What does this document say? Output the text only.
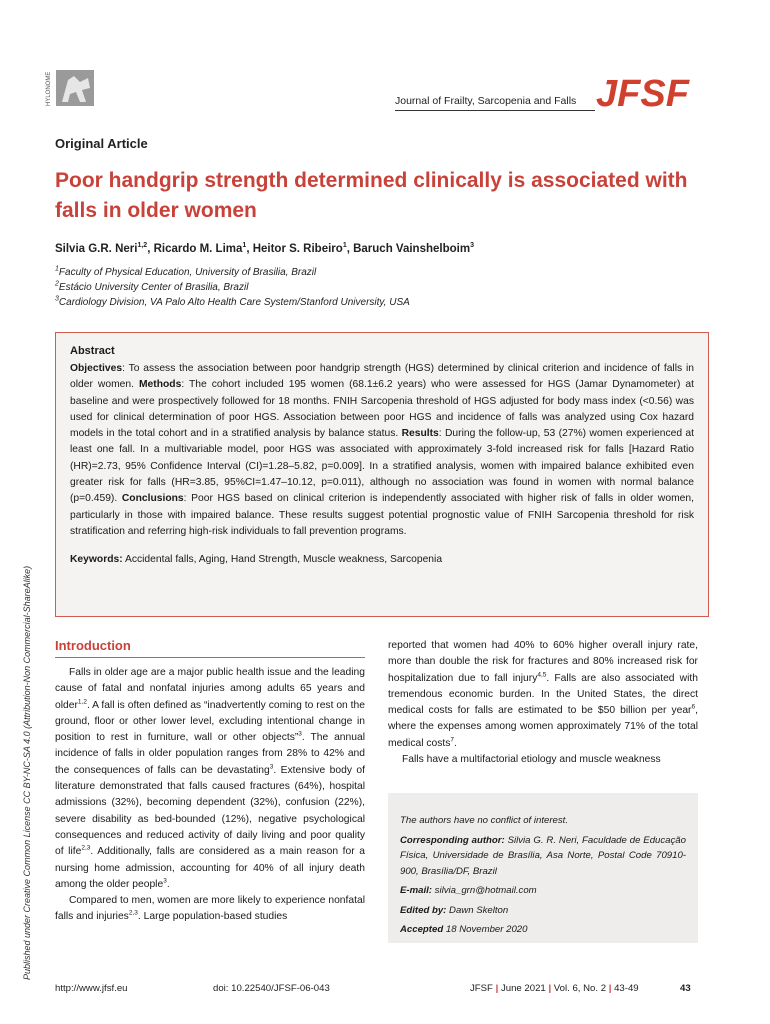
HYLONOME	Journal of Frailty, Sarcopenia and Falls JFSF
Original Article
Poor handgrip strength determined clinically is associated with falls in older women
Silvia G.R. Neri$^{1,2}$, Ricardo M. Lima$^1$, Heitor S. Ribeiro$^1$, Baruch Vainshelboim$^3$
$^1$Faculty of Physical Education, University of Brasilia, Brazil
$^2$Estácio University Center of Brasilia, Brazil
$^3$Cardiology Division, VA Palo Alto Health Care System/Stanford University, USA
Abstract
Objectives: To assess the association between poor handgrip strength (HGS) determined by clinical criterion and incidence of falls in older women. Methods: The cohort included 195 women (68.1±6.2 years) who were assessed for HGS (Jamar Dynamometer) at baseline and were prospectively followed for 18 months. FNIH Sarcopenia threshold of HGS adjusted for body mass index (<0.56) was used for clinical determination of poor HGS. Association between poor HGS and incidence of falls was analyzed using Cox hazard models in the total cohort and in a stratified analysis by balance status. Results: During the follow-up, 53 (27%) women experienced at least one fall. In a multivariable model, poor HGS was associated with approximately 3-fold increased risk for falls [Hazard Ratio (HR)=2.73, 95% Confidence Interval (CI)=1.28–5.82, p=0.009]. In a stratified analysis, women with impaired balance exhibited even greater risk for falls (HR=3.85, 95%CI=1.47–10.12, p=0.011), although no association was found in women with normal balance (p=0.459). Conclusions: Poor HGS based on clinical criterion is independently associated with higher risk of falls in older women, particularly in those with impaired balance. These results suggest potential prognostic value of FNIH Sarcopenia threshold for risk stratification and referring high-risk individuals to fall prevention programs.
Keywords: Accidental falls, Aging, Hand Strength, Muscle weakness, Sarcopenia
Published under Creative Common License CC BY-NC-SA 4.0 (Attribution-Non Commercial-ShareAlike) Introduction

Falls in older age are a major public health issue and the leading cause of fatal and nonfatal injuries among adults 65 years and older$^{1,2}$. A fall is often defined as “inadvertently coming to rest on the ground, floor or other lower level, excluding intentional change in position to rest in furniture, wall or other objects”$^3$. The annual incidence of falls in older population ranges from 28% to 42% and the consequences of falls can be devastating$^3$. Extensive body of literature demonstrated that falls caused fractures (64%), hospital admissions (32%), becoming dependent (32%), confusion (22%), severe disability as bed-bounded (12%), negative psychological consequences and reduced activity of daily living and poor quality of life$^{2,3}$. Additionally, falls are considered as a main reason for a nursing home admission, accounting for 40% of all injury death among the older people$^3$.

Compared to men, women are more likely to experience nonfatal falls and injuries$^{2,3}$. Large population-based studies

reported that women had 40% to 60% higher overall injury rate, more than double the risk for fractures and 80% increased risk for hospitalization due to fall injury$^{4,5}$. Falls are also associated with tremendous economic burden. In the United States, the direct medical costs for falls are estimated to be $50 billion per year$^6$, where the expenses among women approximately 71% of the total medical costs$^7$.

Falls have a multifactorial etiology and muscle weakness

The authors have no conflict of interest.

Corresponding author: Silvia G. R. Neri, Faculdade de Educação Física, Universidade de Brasília, Asa Norte, Postal Code 70910-900, Brasília/DF, Brazil

E-mail: silvia_grn@hotmail.com

Edited by: Dawn Skelton

Accepted 18 November 2020

http://www.jfsf.eu	doi: 10.22540/JFSF-06-043	JFSF | June 2021 | Vol. 6, No. 2 | 43-49	43
